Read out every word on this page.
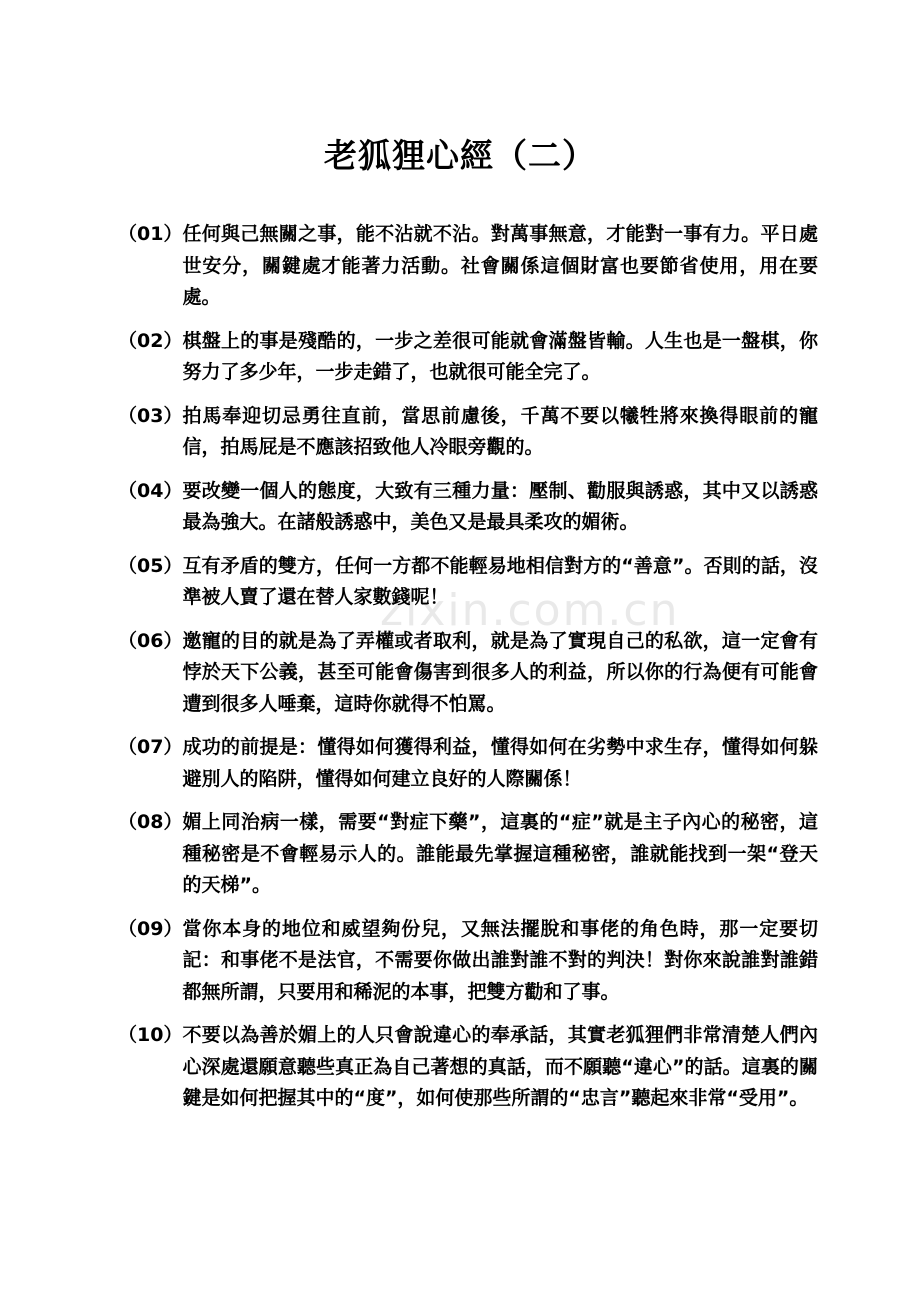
zixin.com.cn
老狐狸心經（二）
（01） 任何與己無關之事，能不沾就不沾。對萬事無意，才能對一事有力。平日處世安分，關鍵處才能著力活動。社會關係這個財富也要節省使用，用在要處。
（02） 棋盤上的事是殘酷的，一步之差很可能就會滿盤皆輸。人生也是一盤棋，你努力了多少年，一步走錯了，也就很可能全完了。
（03） 拍馬奉迎切忌勇往直前，當思前慮後，千萬不要以犧牲將來換得眼前的寵信，拍馬屁是不應該招致他人冷眼旁觀的。
（04） 要改變一個人的態度，大致有三種力量：壓制、勸服與誘惑，其中又以誘惑最為強大。在諸般誘惑中，美色又是最具柔攻的媚術。
（05） 互有矛盾的雙方，任何一方都不能輕易地相信對方的“善意”。否則的話，沒準被人賣了還在替人家數錢呢！
（06） 邀寵的目的就是為了弄權或者取利，就是為了實現自己的私欲，這一定會有悖於天下公義，甚至可能會傷害到很多人的利益，所以你的行為便有可能會遭到很多人唾棄，這時你就得不怕罵。
（07） 成功的前提是：懂得如何獲得利益，懂得如何在劣勢中求生存，懂得如何躲避別人的陷阱，懂得如何建立良好的人際關係！
（08） 媚上同治病一樣，需要“對症下藥”，這裏的“症”就是主子內心的秘密，這種秘密是不會輕易示人的。誰能最先掌握這種秘密，誰就能找到一架“登天的天梯”。
（09） 當你本身的地位和威望夠份兒，又無法擺脫和事佬的角色時，那一定要切記：和事佬不是法官，不需要你做出誰對誰不對的判決！對你來說誰對誰錯都無所謂，只要用和稀泥的本事，把雙方勸和了事。
（10） 不要以為善於媚上的人只會說違心的奉承話，其實老狐狸們非常清楚人們內心深處還願意聽些真正為自己著想的真話，而不願聽“違心”的話。這裏的關鍵是如何把握其中的“度”，如何使那些所謂的“忠言”聽起來非常“受用”。
